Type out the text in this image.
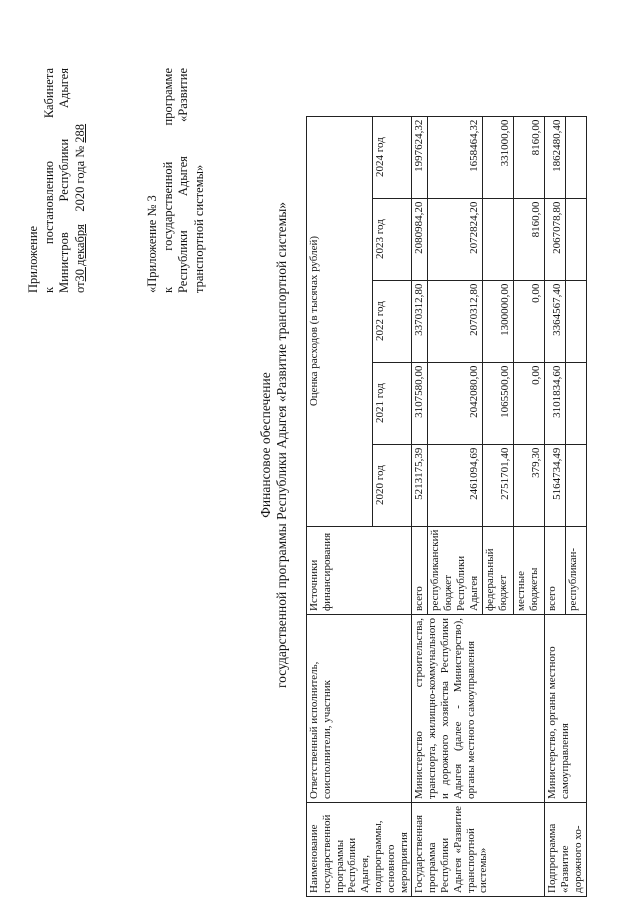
Приложение к
постановлению
Кабинета
Министров
Республики
Адыгея
от30 декабря    2020 года № 288
«Приложение № 3 к
государственной
программе
Республики
Адыгея
«Развитие
транспортной системы»
Финансовое обеспечение государственной программы Республики Адыгея «Развитие транспортной системы»
Наименование государственной программы Республики Адыгея, подпрограммы, основного мероприятия	Ответственный исполнитель, соисполнители, участник	Источники финансирования	Оценка расходов (в тысячах рублей)				
			2020 год	2021 год	2022 год	2023 год	2024 год
Государственная программа Республики Адыгея «Развитие транспортной системы»	Министерство строительства, транспорта, жилищно-коммунального и дорожного хозяйства Республики Адыгея (далее - Министерство), органы местного самоуправления	всего	5213175,39	3107580,00	3370312,80	2080984,20	1997624,32
		республиканский бюджет Республики Адыгея	2461094,69	2042080,00	2070312,80	2072824,20	1658464,32
		федеральный бюджет	2751701,40	1065500,00	1300000,00		331000,00
		местные бюджеты	379,30	0,00	0,00	8160,00	8160,00
Подпрограмма «Развитие дорожного хо-	Министерство, органы местного самоуправления	всего	5164734,49	3101834,60	3364567,40	2067078,80	1862480,40
		республикан-					
